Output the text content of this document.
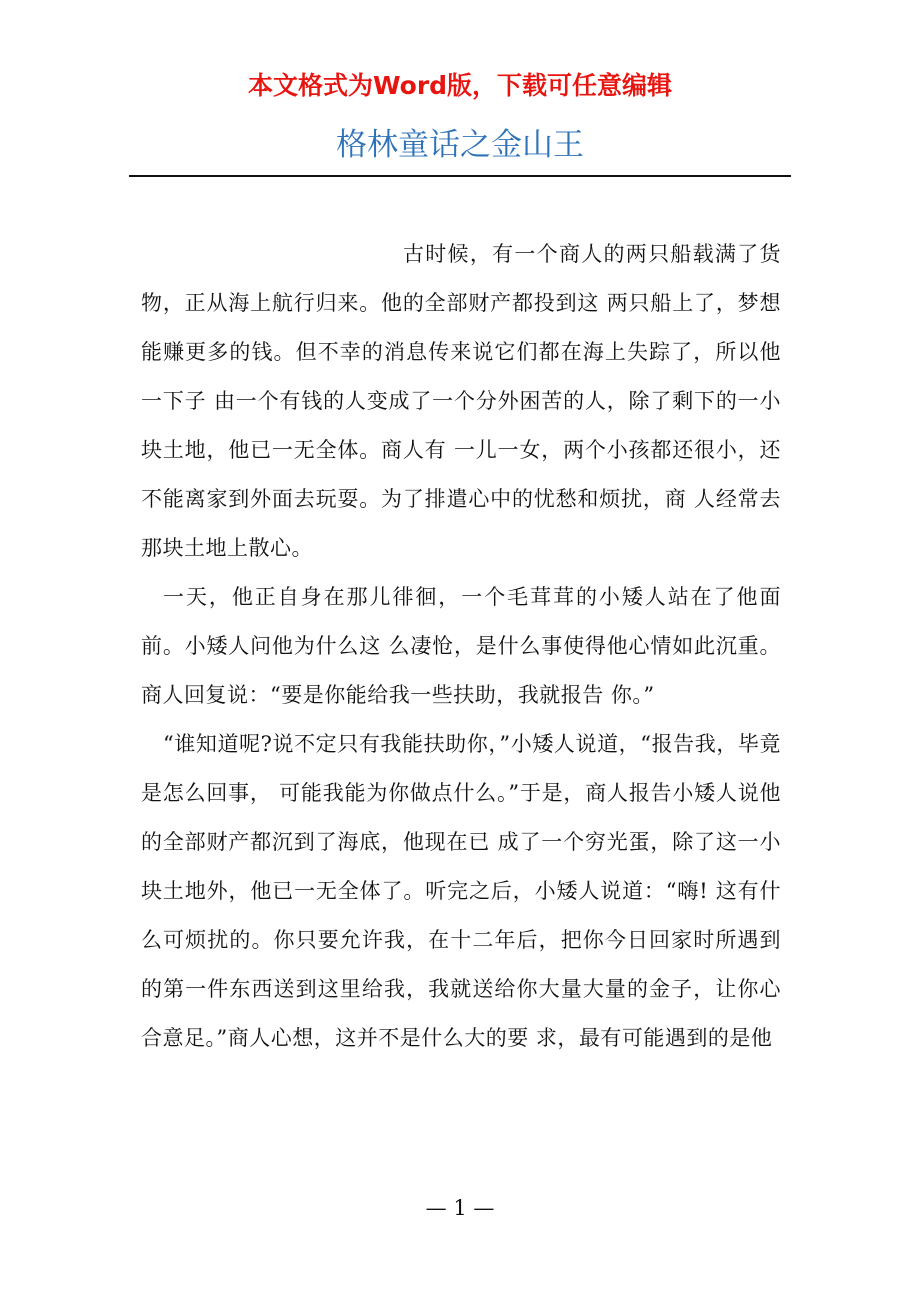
本文格式为Word版，下载可任意编辑
格林童话之金山王

古时候，有一个商人的两只船载满了货物，正从海上航行归来。他的全部财产都投到这 两只船上了，梦想能赚更多的钱。但不幸的消息传来说它们都在海上失踪了，所以他一下子 由一个有钱的人变成了一个分外困苦的人，除了剩下的一小块土地，他已一无全体。商人有 一儿一女，两个小孩都还很小，还不能离家到外面去玩耍。为了排遣心中的忧愁和烦扰，商 人经常去那块土地上散心。

一天，他正自身在那儿徘徊，一个毛茸茸的小矮人站在了他面前。小矮人问他为什么这 么凄怆，是什么事使得他心情如此沉重。商人回复说：“要是你能给我一些扶助，我就报告 你。”

“谁知道呢?说不定只有我能扶助你，”小矮人说道，“报告我，毕竟是怎么回事， 可能我能为你做点什么。”于是，商人报告小矮人说他的全部财产都沉到了海底，他现在已 成了一个穷光蛋，除了这一小块土地外，他已一无全体了。听完之后，小矮人说道：“嗨! 这有什么可烦扰的。你只要允许我，在十二年后，把你今日回家时所遇到的第一件东西送到这里给我，我就送给你大量大量的金子，让你心合意足。”商人心想，这并不是什么大的要 求，最有可能遇到的是他

— 1 —
